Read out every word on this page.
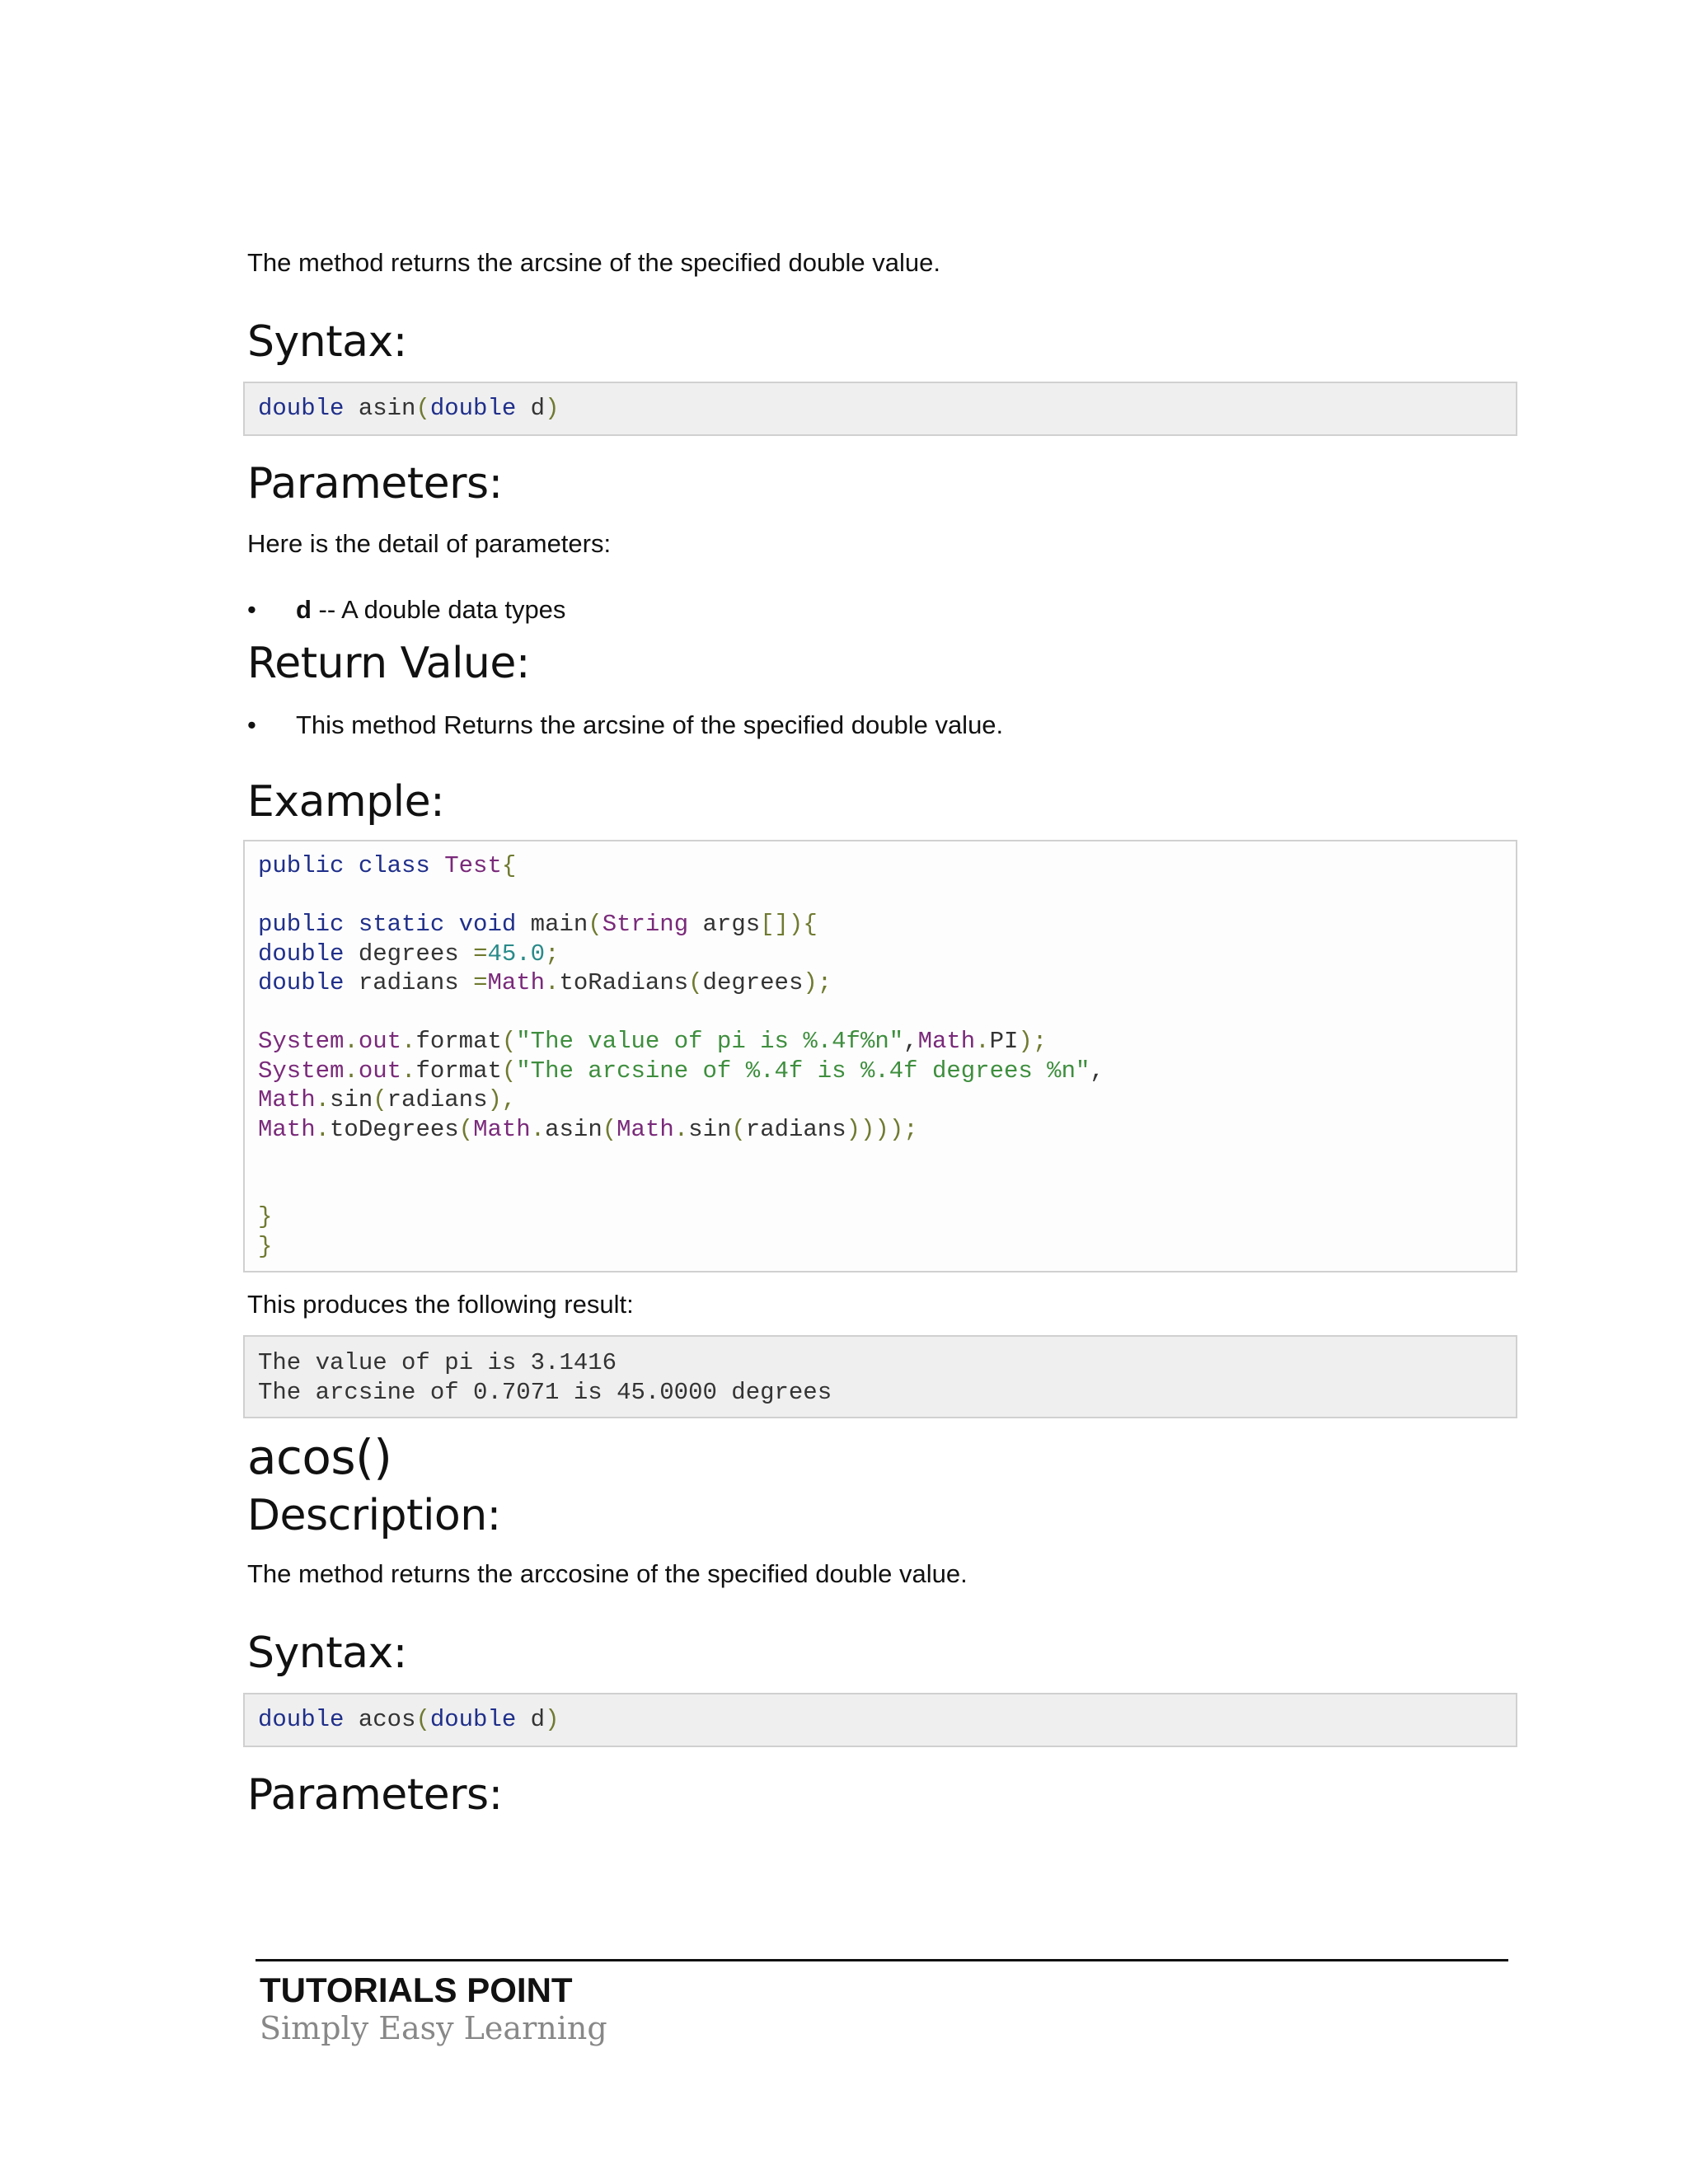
The method returns the arcsine of the specified double value.

Syntax:
double asin(double d)
Parameters:

Here is the detail of parameters:

• d -- A double data types
Return Value:
• This method Returns the arcsine of the specified double value.
Example:
public class Test{

public static void main(String args[]){
double degrees =45.0;
double radians =Math.toRadians(degrees);

System.out.format("The value of pi is %.4f%n",Math.PI);
System.out.format("The arcsine of %.4f is %.4f degrees %n",
Math.sin(radians),
Math.toDegrees(Math.asin(Math.sin(radians))));

}
}

This produces the following result:

The value of pi is 3.1416
The arcsine of 0.7071 is 45.0000 degrees
acos()
Description:

The method returns the arccosine of the specified double value.

Syntax:
double acos(double d)
Parameters:
TUTORIALS POINT
Simply Easy Learning
